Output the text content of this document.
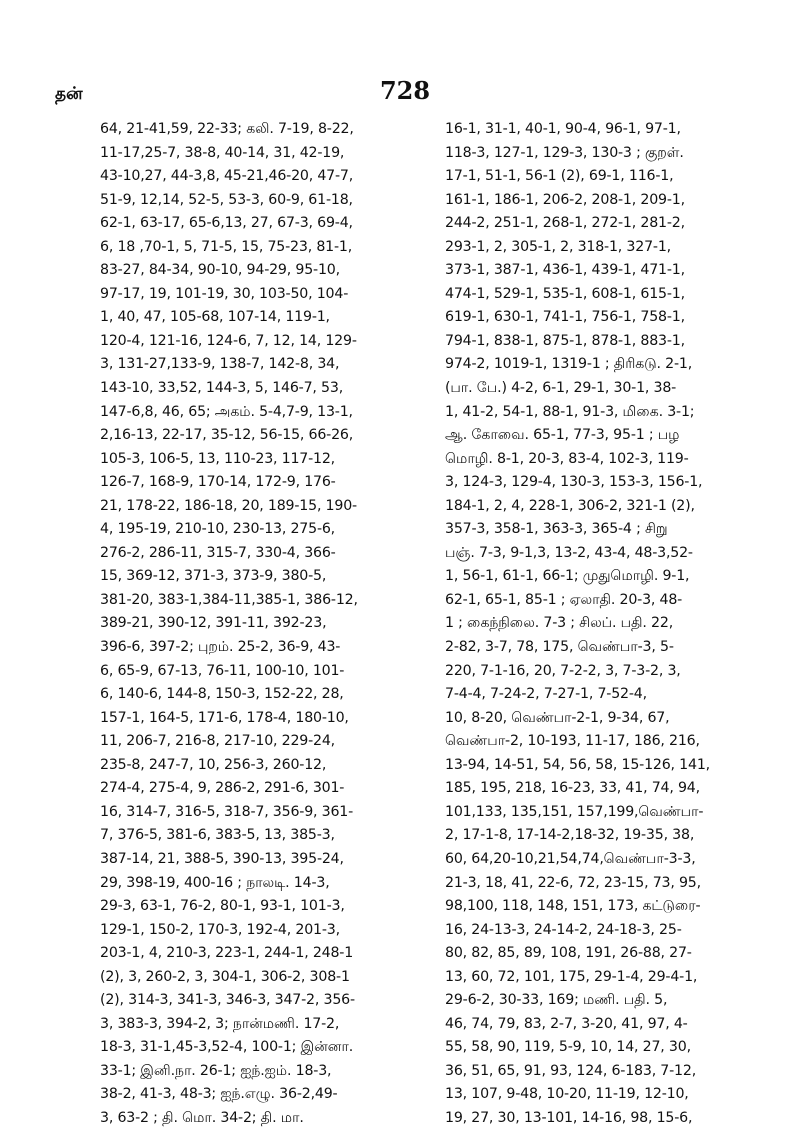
தன்	728
64, 21-41,59, 22-33; கலி. 7-19, 8-22,
11-17,25-7, 38-8, 40-14, 31, 42-19,
43-10,27, 44-3,8, 45-21,46-20, 47-7,
51-9, 12,14, 52-5, 53-3, 60-9, 61-18,
62-1, 63-17, 65-6,13, 27, 67-3, 69-4,
6, 18 ,70-1, 5, 71-5, 15, 75-23, 81-1,
83-27, 84-34, 90-10, 94-29, 95-10,
97-17, 19, 101-19, 30, 103-50, 104-
1, 40, 47, 105-68, 107-14, 119-1,
120-4, 121-16, 124-6, 7, 12, 14, 129-
3, 131-27,133-9, 138-7, 142-8, 34,
143-10, 33,52, 144-3, 5, 146-7, 53,
147-6,8, 46, 65; அகம். 5-4,7-9, 13-1,
2,16-13, 22-17, 35-12, 56-15, 66-26,
105-3, 106-5, 13, 110-23, 117-12,
126-7, 168-9, 170-14, 172-9, 176-
21, 178-22, 186-18, 20, 189-15, 190-
4, 195-19, 210-10, 230-13, 275-6,
276-2, 286-11, 315-7, 330-4, 366-
15, 369-12, 371-3, 373-9, 380-5,
381-20, 383-1,384-11,385-1, 386-12,
389-21, 390-12, 391-11, 392-23,
396-6, 397-2; புறம். 25-2, 36-9, 43-
6, 65-9, 67-13, 76-11, 100-10, 101-
6, 140-6, 144-8, 150-3, 152-22, 28,
157-1, 164-5, 171-6, 178-4, 180-10,
11, 206-7, 216-8, 217-10, 229-24,
235-8, 247-7, 10, 256-3, 260-12,
274-4, 275-4, 9, 286-2, 291-6, 301-
16, 314-7, 316-5, 318-7, 356-9, 361-
7, 376-5, 381-6, 383-5, 13, 385-3,
387-14, 21, 388-5, 390-13, 395-24,
29, 398-19, 400-16 ; நாலடி. 14-3,
29-3, 63-1, 76-2, 80-1, 93-1, 101-3,
129-1, 150-2, 170-3, 192-4, 201-3,
203-1, 4, 210-3, 223-1, 244-1, 248-1
(2), 3, 260-2, 3, 304-1, 306-2, 308-1
(2), 314-3, 341-3, 346-3, 347-2, 356-
3, 383-3, 394-2, 3; நான்மணி. 17-2,
18-3, 31-1,45-3,52-4, 100-1; இன்னா.
33-1; இனி.நா. 26-1; ஐந்.ஐம். 18-3,
38-2, 41-3, 48-3; ஐந்.எழு. 36-2,49-
3, 63-2 ; தி. மொ. 34-2; தி. மா.
16-1, 31-1, 40-1, 90-4, 96-1, 97-1,
118-3, 127-1, 129-3, 130-3 ; குறள்.
17-1, 51-1, 56-1 (2), 69-1, 116-1,
161-1, 186-1, 206-2, 208-1, 209-1,
244-2, 251-1, 268-1, 272-1, 281-2,
293-1, 2, 305-1, 2, 318-1, 327-1,
373-1, 387-1, 436-1, 439-1, 471-1,
474-1, 529-1, 535-1, 608-1, 615-1,
619-1, 630-1, 741-1, 756-1, 758-1,
794-1, 838-1, 875-1, 878-1, 883-1,
974-2, 1019-1, 1319-1 ; திரிகடு. 2-1,
(பா. பே.) 4-2, 6-1, 29-1, 30-1, 38-
1, 41-2, 54-1, 88-1, 91-3, மிகை. 3-1;
ஆ. கோவை. 65-1, 77-3, 95-1 ; பழ
மொழி. 8-1, 20-3, 83-4, 102-3, 119-
3, 124-3, 129-4, 130-3, 153-3, 156-1,
184-1, 2, 4, 228-1, 306-2, 321-1 (2),
357-3, 358-1, 363-3, 365-4 ; சிறு
பஞ். 7-3, 9-1,3, 13-2, 43-4, 48-3,52-
1, 56-1, 61-1, 66-1; முதுமொழி. 9-1,
62-1, 65-1, 85-1 ; ஏலாதி. 20-3, 48-
1 ; கைந்நிலை. 7-3 ; சிலப். பதி. 22,
2-82, 3-7, 78, 175, வெண்பா-3, 5-
220, 7-1-16, 20, 7-2-2, 3, 7-3-2, 3,
7-4-4, 7-24-2, 7-27-1, 7-52-4,
10, 8-20, வெண்பா-2-1, 9-34, 67,
வெண்பா-2, 10-193, 11-17, 186, 216,
13-94, 14-51, 54, 56, 58, 15-126, 141,
185, 195, 218, 16-23, 33, 41, 74, 94,
101,133, 135,151, 157,199,வெண்பா-
2, 17-1-8, 17-14-2,18-32, 19-35, 38,
60, 64,20-10,21,54,74,வெண்பா-3-3,
21-3, 18, 41, 22-6, 72, 23-15, 73, 95,
98,100, 118, 148, 151, 173, கட்டுரை-
16, 24-13-3, 24-14-2, 24-18-3, 25-
80, 82, 85, 89, 108, 191, 26-88, 27-
13, 60, 72, 101, 175, 29-1-4, 29-4-1,
29-6-2, 30-33, 169; மணி. பதி. 5,
46, 74, 79, 83, 2-7, 3-20, 41, 97, 4-
55, 58, 90, 119, 5-9, 10, 14, 27, 30,
36, 51, 65, 91, 93, 124, 6-183, 7-12,
13, 107, 9-48, 10-20, 11-19, 12-10,
19, 27, 30, 13-101, 14-16, 98, 15-6,
